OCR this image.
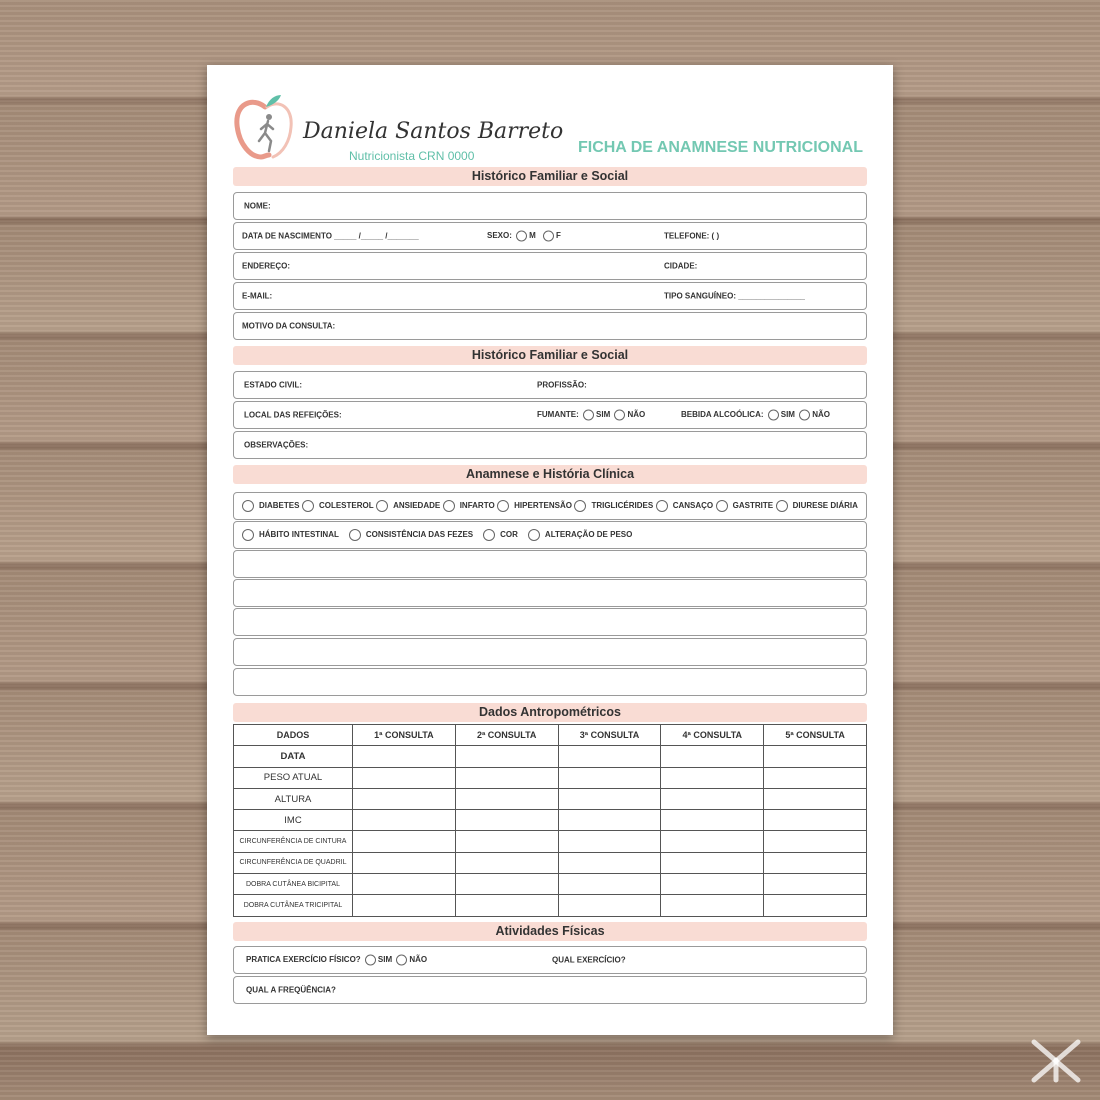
Daniela Santos Barreto
Nutricionista CRN 0000	FICHA DE ANAMNESE NUTRICIONAL
Histórico Familiar e Social
NOME:
DATA DE NASCIMENTO _____ /_____ /_______	SEXO: M	F	TELEFONE: ( )
ENDEREÇO:	CIDADE:
E-MAIL:	TIPO SANGUÍNEO: _______________
MOTIVO DA CONSULTA:
Histórico Familiar e Social
ESTADO CIVIL:	PROFISSÃO:
LOCAL DAS REFEIÇÕES:	FUMANTE: SIM NÃO	BEBIDA ALCOÓLICA: SIM NÃO
OBSERVAÇÕES:
Anamnese e História Clínica
DIABETES	COLESTEROL	ANSIEDADE	INFARTO	HIPERTENSÃO	TRIGLICÉRIDES	CANSAÇO	GASTRITE	DIURESE DIÁRIA
HÁBITO INTESTINAL	CONSISTÊNCIA DAS FEZES	COR	ALTERAÇÃO DE PESO
Dados Antropométricos
DADOS	1ª CONSULTA	2ª CONSULTA	3ª CONSULTA	4ª CONSULTA	5ª CONSULTA
DATA					
PESO ATUAL					
ALTURA					
IMC					
CIRCUNFERÊNCIA DE CINTURA					
CIRCUNFERÊNCIA DE QUADRIL					
DOBRA CUTÂNEA BICIPITAL					
DOBRA CUTÂNEA TRICIPITAL					
Atividades Físicas
PRATICA EXERCÍCIO FÍSICO? SIM NÃO	QUAL EXERCÍCIO?
QUAL A FREQÜÊNCIA?
